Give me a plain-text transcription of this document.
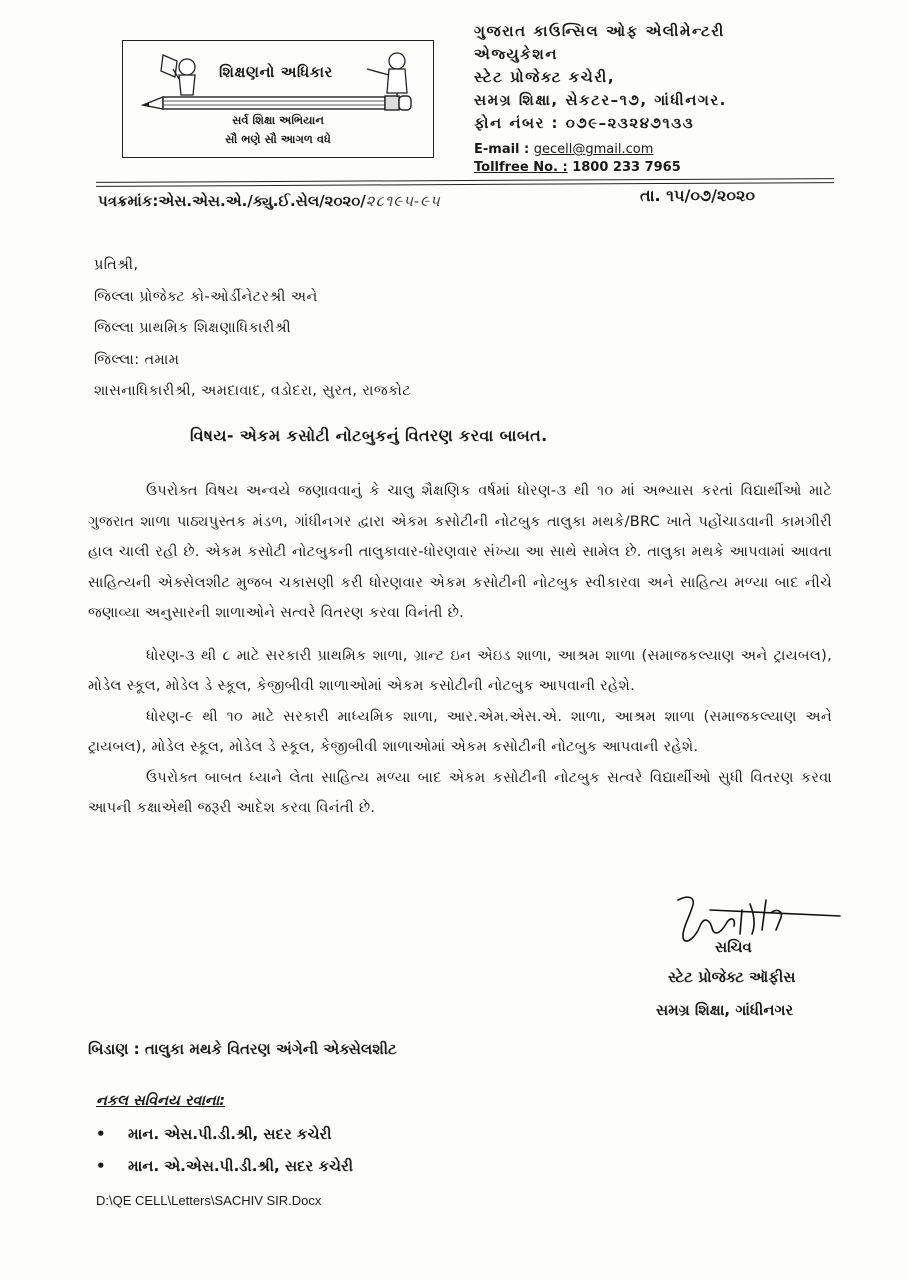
શિક્ષણનો અધિકાર
સર્વ શિક્ષા અભિયાન
સૌ ભણે સૌ આગળ વધે
ગુજરાત કાઉન્સિલ ઓફ એલીમેન્ટરી
એજ્યુકેશન
સ્ટેટ પ્રોજેક્ટ કચેરી,
સમગ્ર શિક્ષા, સેકટર–૧૭, ગાંધીનગર.
ફોન નંબર : ૦૭૯–૨૩૨૪૭૧૩૩
E-mail : gecell@gmail.com
Tollfree No. : 1800 233 7965
પત્રક્રમાંક:એસ.એસ.એ./ક્યુ.ઈ.સેલ/૨૦૨૦/૨૮૧૯૫-૯૫	તા. ૧૫/૦૭/૨૦૨૦
પ્રતિશ્રી,
જિલ્લા પ્રોજેક્ટ કો-ઓર્ડીનેટરશ્રી અને
જિલ્લા પ્રાથમિક શિક્ષણાધિકારીશ્રી
જિલ્લા: તમામ
શાસનાધિકારીશ્રી, અમદાવાદ, વડોદરા, સુરત, રાજકોટ
વિષય- એકમ કસોટી નોટબુકનું વિતરણ કરવા બાબત.

ઉપરોક્ત વિષય અન્વયે જણાવવાનું કે ચાલુ શૈક્ષણિક વર્ષમાં ધોરણ-૩ થી ૧૦ માં અભ્યાસ કરતાં વિદ્યાર્થીઓ માટે ગુજરાત શાળા પાઠ્યપુસ્તક મંડળ, ગાંધીનગર દ્વારા એકમ કસોટીની નોટબુક તાલુકા મથકે/BRC ખાતે પહોંચાડવાની કામગીરી હાલ ચાલી રહી છે. એકમ કસોટી નોટબુકની તાલુકાવાર-ધોરણવાર સંખ્યા આ સાથે સામેલ છે. તાલુકા મથકે આપવામાં આવતા સાહિત્યની એક્સેલશીટ મુજબ ચકાસણી કરી ધોરણવાર એકમ કસોટીની નોટબુક સ્વીકારવા અને સાહિત્ય મળ્યા બાદ નીચે જણાવ્યા અનુસારની શાળાઓને સત્વરે વિતરણ કરવા વિનંતી છે.

ધોરણ-૩ થી ૮ માટે સરકારી પ્રાથમિક શાળા, ગ્રાન્ટ ઇન એઇડ શાળા, આશ્રમ શાળા (સમાજકલ્યાણ અને ટ્રાયબલ), મોડેલ સ્કૂલ, મોડેલ ડે સ્કૂલ, કેજીબીવી શાળાઓમાં એકમ કસોટીની નોટબુક આપવાની રહેશે.

ધોરણ-૯ થી ૧૦ માટે સરકારી માધ્યમિક શાળા, આર.એમ.એસ.એ. શાળા, આશ્રમ શાળા (સમાજકલ્યાણ અને ટ્રાયબલ), મોડેલ સ્કૂલ, મોડેલ ડે સ્કૂલ, કેજીબીવી શાળાઓમાં એકમ કસોટીની નોટબુક આપવાની રહેશે.

ઉપરોક્ત બાબત ધ્યાને લેતા સાહિત્ય મળ્યા બાદ એકમ કસોટીની નોટબુક સત્વરે વિદ્યાર્થીઓ સુધી વિતરણ કરવા આપની કક્ષાએથી જરૂરી આદેશ કરવા વિનંતી છે.

સચિવ
સ્ટેટ પ્રોજેક્ટ ઑફીસ
સમગ્ર શિક્ષા, ગાંધીનગર
બિડાણ : તાલુકા મથકે વિતરણ અંગેની એક્સેલશીટ
નકલ સવિનય રવાના:
• માન. એસ.પી.ડી.શ્રી, સદર કચેરી
• માન. એ.એસ.પી.ડી.શ્રી, સદર કચેરી
D:\QE CELL\Letters\SACHIV SIR.Docx
